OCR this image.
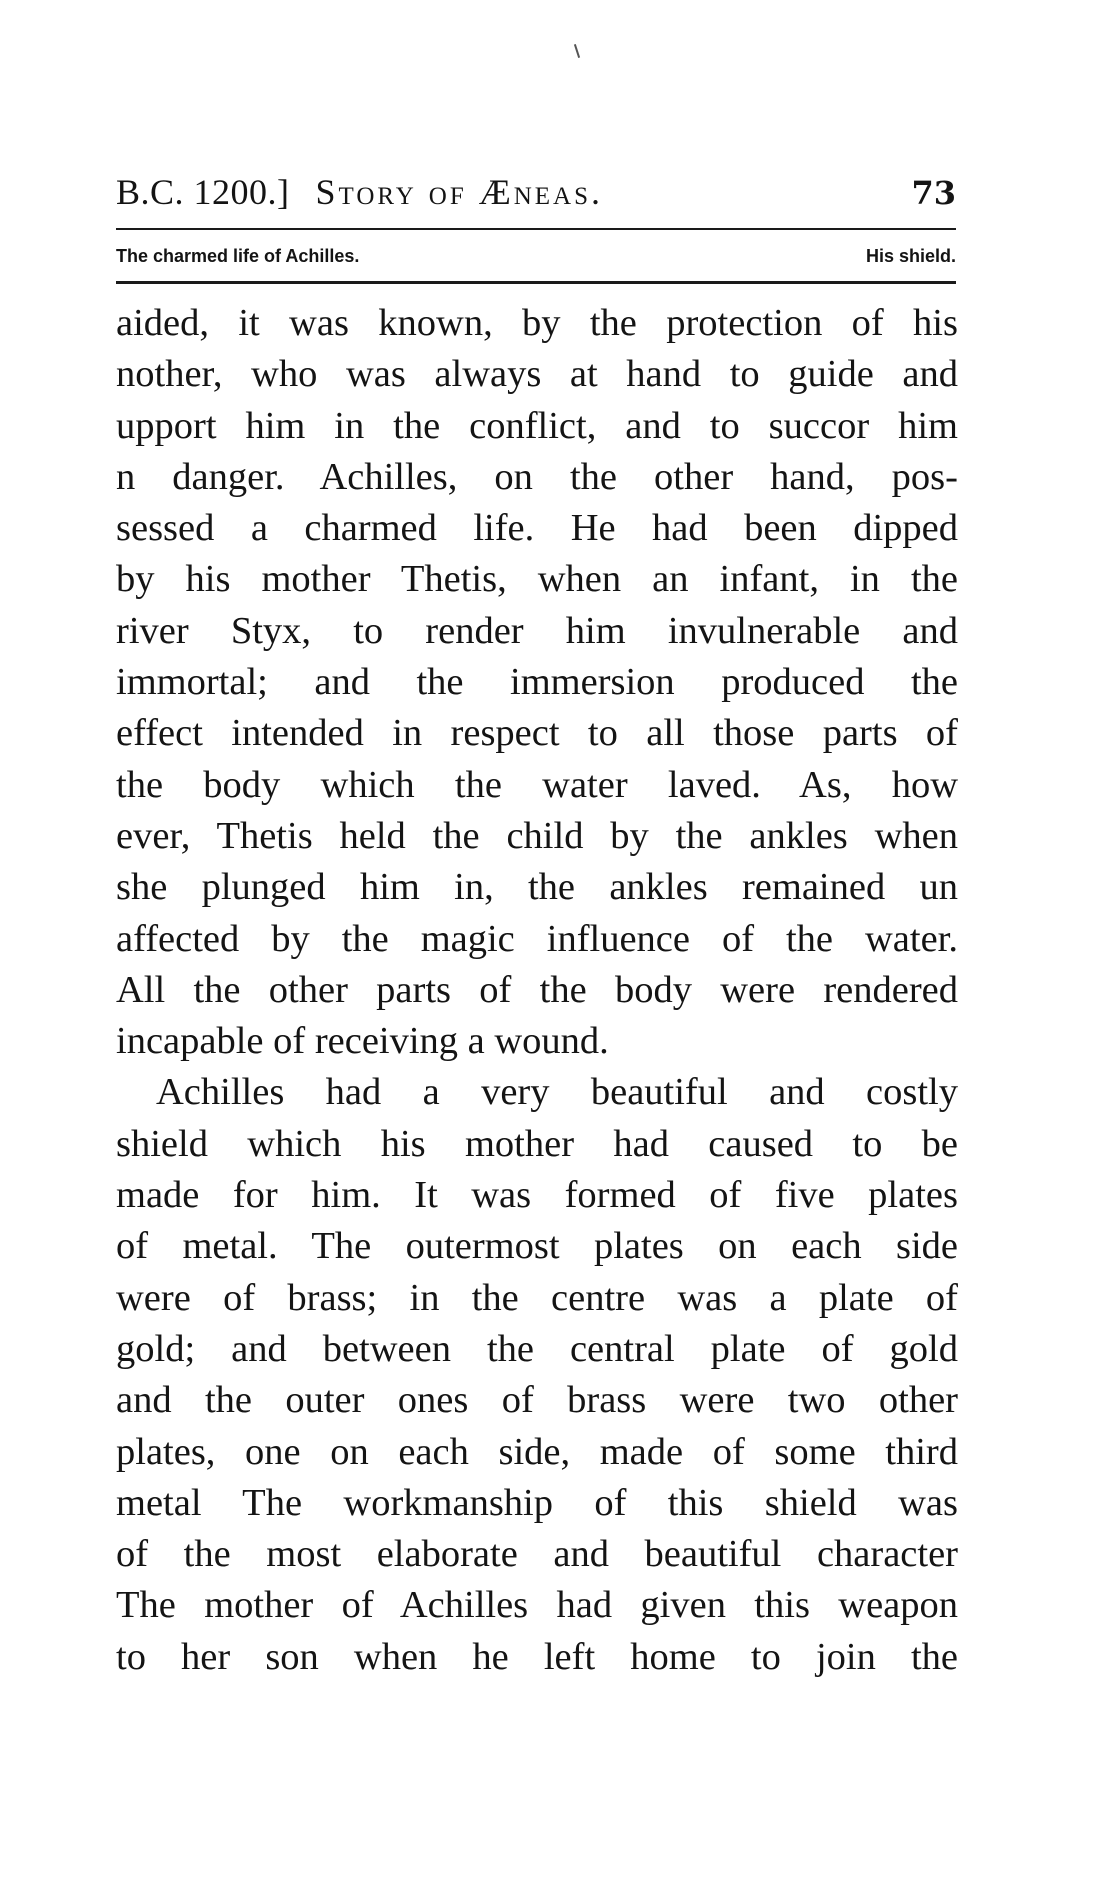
B.C. 1200.] Story of Æneas.	73
The charmed life of Achilles.	His shield.
aided, it was known, by the protection of his
nother, who was always at hand to guide and
upport him in the conflict, and to succor him
n danger. Achilles, on the other hand, pos-
sessed a charmed life. He had been dipped
by his mother Thetis, when an infant, in the
river Styx, to render him invulnerable and
immortal; and the immersion produced the
effect intended in respect to all those parts of
the body which the water laved. As, how
ever, Thetis held the child by the ankles when
she plunged him in, the ankles remained un
affected by the magic influence of the water.
All the other parts of the body were rendered
incapable of receiving a wound.
Achilles had a very beautiful and costly
shield which his mother had caused to be
made for him. It was formed of five plates
of metal. The outermost plates on each side
were of brass; in the centre was a plate of
gold; and between the central plate of gold
and the outer ones of brass were two other
plates, one on each side, made of some third
metal The workmanship of this shield was
of the most elaborate and beautiful character
The mother of Achilles had given this weapon
to her son when he left home to join the
